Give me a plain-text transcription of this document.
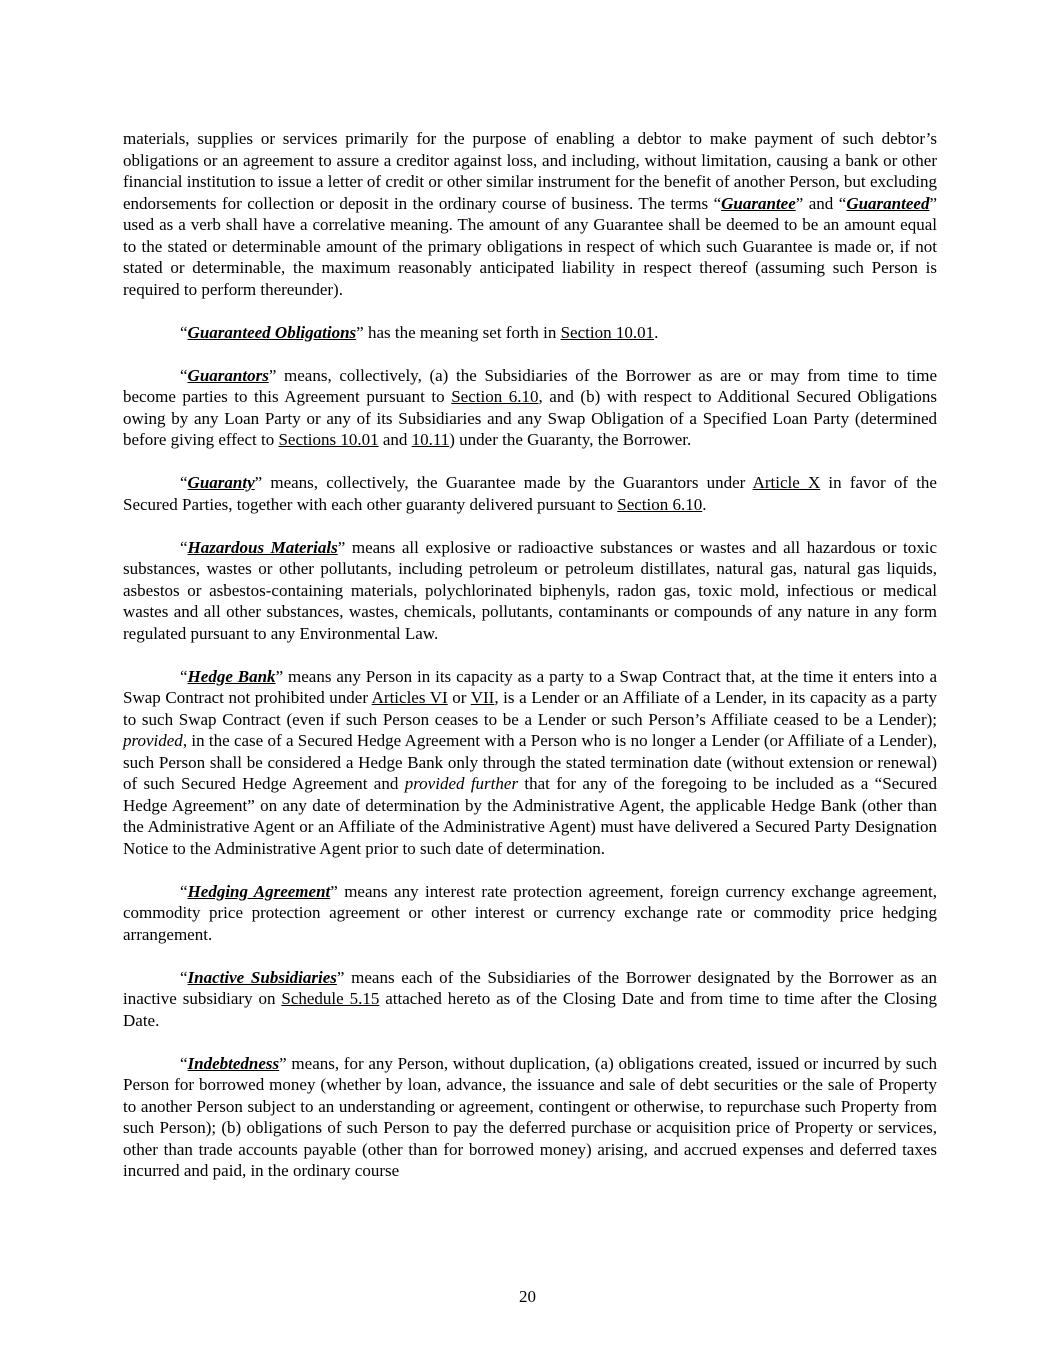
materials, supplies or services primarily for the purpose of enabling a debtor to make payment of such debtor’s obligations or an agreement to assure a creditor against loss, and including, without limitation, causing a bank or other financial institution to issue a letter of credit or other similar instrument for the benefit of another Person, but excluding endorsements for collection or deposit in the ordinary course of business. The terms “Guarantee” and “Guaranteed” used as a verb shall have a correlative meaning. The amount of any Guarantee shall be deemed to be an amount equal to the stated or determinable amount of the primary obligations in respect of which such Guarantee is made or, if not stated or determinable, the maximum reasonably anticipated liability in respect thereof (assuming such Person is required to perform thereunder).

“Guaranteed Obligations” has the meaning set forth in Section 10.01.

“Guarantors” means, collectively, (a) the Subsidiaries of the Borrower as are or may from time to time become parties to this Agreement pursuant to Section 6.10, and (b) with respect to Additional Secured Obligations owing by any Loan Party or any of its Subsidiaries and any Swap Obligation of a Specified Loan Party (determined before giving effect to Sections 10.01 and 10.11) under the Guaranty, the Borrower.

“Guaranty” means, collectively, the Guarantee made by the Guarantors under Article X in favor of the Secured Parties, together with each other guaranty delivered pursuant to Section 6.10.

“Hazardous Materials” means all explosive or radioactive substances or wastes and all hazardous or toxic substances, wastes or other pollutants, including petroleum or petroleum distillates, natural gas, natural gas liquids, asbestos or asbestos-containing materials, polychlorinated biphenyls, radon gas, toxic mold, infectious or medical wastes and all other substances, wastes, chemicals, pollutants, contaminants or compounds of any nature in any form regulated pursuant to any Environmental Law.

“Hedge Bank” means any Person in its capacity as a party to a Swap Contract that, at the time it enters into a Swap Contract not prohibited under Articles VI or VII, is a Lender or an Affiliate of a Lender, in its capacity as a party to such Swap Contract (even if such Person ceases to be a Lender or such Person’s Affiliate ceased to be a Lender); provided, in the case of a Secured Hedge Agreement with a Person who is no longer a Lender (or Affiliate of a Lender), such Person shall be considered a Hedge Bank only through the stated termination date (without extension or renewal) of such Secured Hedge Agreement and provided further that for any of the foregoing to be included as a “Secured Hedge Agreement” on any date of determination by the Administrative Agent, the applicable Hedge Bank (other than the Administrative Agent or an Affiliate of the Administrative Agent) must have delivered a Secured Party Designation Notice to the Administrative Agent prior to such date of determination.

“Hedging Agreement” means any interest rate protection agreement, foreign currency exchange agreement, commodity price protection agreement or other interest or currency exchange rate or commodity price hedging arrangement.

“Inactive Subsidiaries” means each of the Subsidiaries of the Borrower designated by the Borrower as an inactive subsidiary on Schedule 5.15 attached hereto as of the Closing Date and from time to time after the Closing Date.

“Indebtedness” means, for any Person, without duplication, (a) obligations created, issued or incurred by such Person for borrowed money (whether by loan, advance, the issuance and sale of debt securities or the sale of Property to another Person subject to an understanding or agreement, contingent or otherwise, to repurchase such Property from such Person); (b) obligations of such Person to pay the deferred purchase or acquisition price of Property or services, other than trade accounts payable (other than for borrowed money) arising, and accrued expenses and deferred taxes incurred and paid, in the ordinary course

20
